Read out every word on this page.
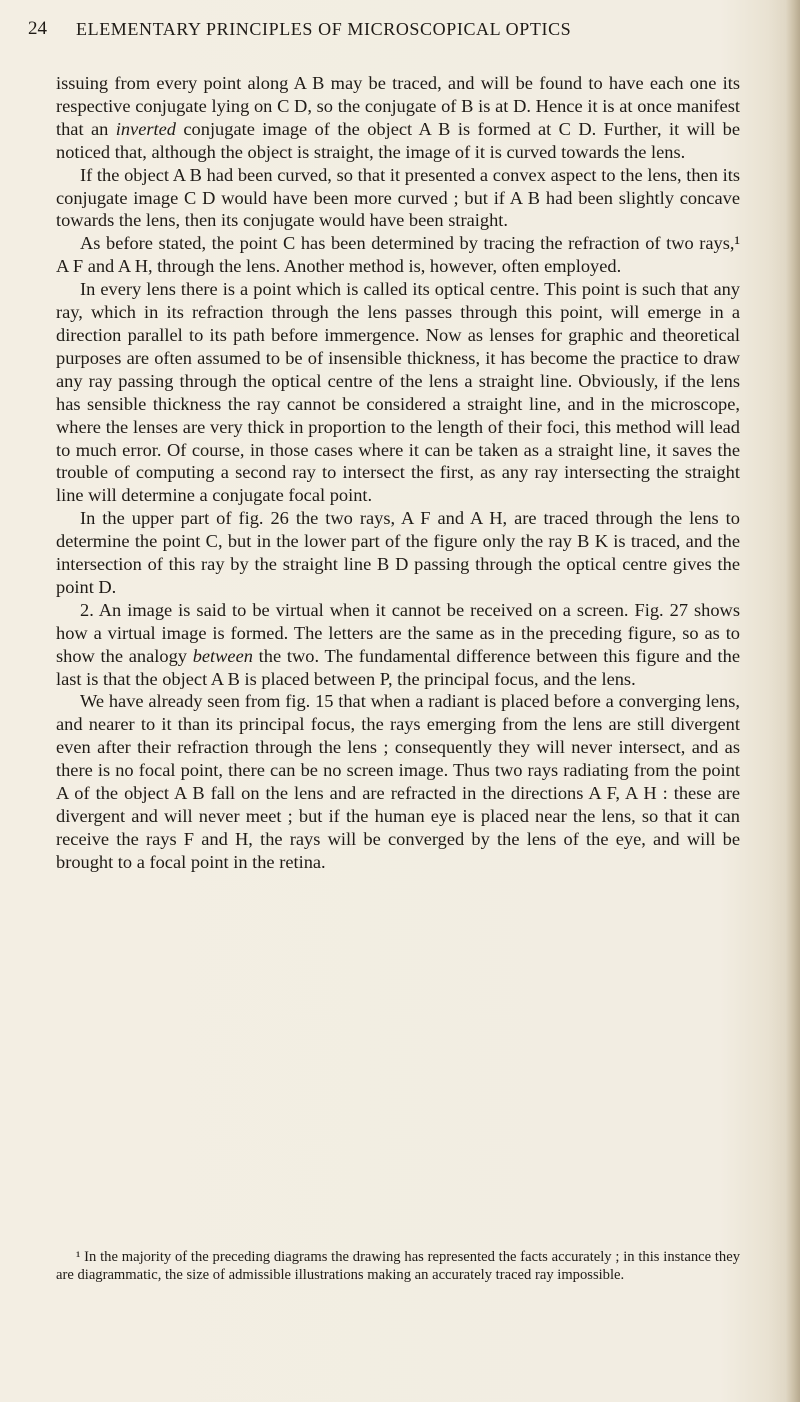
24 ELEMENTARY PRINCIPLES OF MICROSCOPICAL OPTICS

issuing from every point along A B may be traced, and will be found to have each one its respective conjugate lying on C D, so the conjugate of B is at D. Hence it is at once manifest that an inverted conjugate image of the object A B is formed at C D. Further, it will be noticed that, although the object is straight, the image of it is curved towards the lens.

If the object A B had been curved, so that it presented a convex aspect to the lens, then its conjugate image C D would have been more curved ; but if A B had been slightly concave towards the lens, then its conjugate would have been straight.

As before stated, the point C has been determined by tracing the refraction of two rays,¹ A F and A H, through the lens. Another method is, however, often employed.

In every lens there is a point which is called its optical centre. This point is such that any ray, which in its refraction through the lens passes through this point, will emerge in a direction parallel to its path before immergence. Now as lenses for graphic and theoretical purposes are often assumed to be of insensible thickness, it has become the practice to draw any ray passing through the optical centre of the lens a straight line. Obviously, if the lens has sensible thickness the ray cannot be considered a straight line, and in the microscope, where the lenses are very thick in proportion to the length of their foci, this method will lead to much error. Of course, in those cases where it can be taken as a straight line, it saves the trouble of computing a second ray to intersect the first, as any ray intersecting the straight line will determine a conjugate focal point.

In the upper part of fig. 26 the two rays, A F and A H, are traced through the lens to determine the point C, but in the lower part of the figure only the ray B K is traced, and the intersection of this ray by the straight line B D passing through the optical centre gives the point D.

2. An image is said to be virtual when it cannot be received on a screen. Fig. 27 shows how a virtual image is formed. The letters are the same as in the preceding figure, so as to show the analogy between the two. The fundamental difference between this figure and the last is that the object A B is placed between P, the principal focus, and the lens.

We have already seen from fig. 15 that when a radiant is placed before a converging lens, and nearer to it than its principal focus, the rays emerging from the lens are still divergent even after their refraction through the lens ; consequently they will never intersect, and as there is no focal point, there can be no screen image. Thus two rays radiating from the point A of the object A B fall on the lens and are refracted in the directions A F, A H : these are divergent and will never meet ; but if the human eye is placed near the lens, so that it can receive the rays F and H, the rays will be converged by the lens of the eye, and will be brought to a focal point in the retina.

¹ In the majority of the preceding diagrams the drawing has represented the facts accurately ; in this instance they are diagrammatic, the size of admissible illustrations making an accurately traced ray impossible.
